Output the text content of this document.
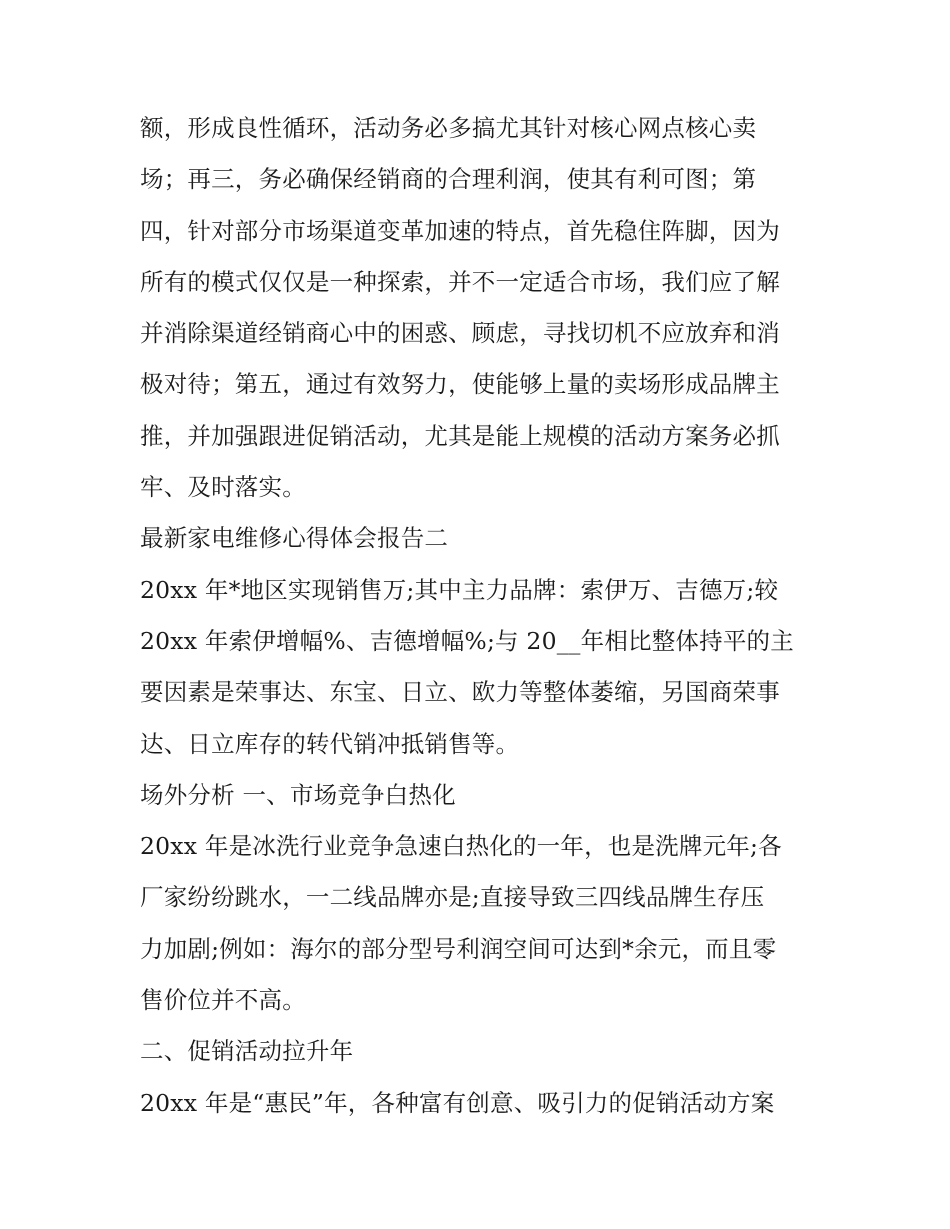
额，形成良性循环，活动务必多搞尤其针对核心网点核心卖
场；再三，务必确保经销商的合理利润，使其有利可图；第
四，针对部分市场渠道变革加速的特点，首先稳住阵脚，因为
所有的模式仅仅是一种探索，并不一定适合市场，我们应了解
并消除渠道经销商心中的困惑、顾虑，寻找切机不应放弃和消
极对待；第五，通过有效努力，使能够上量的卖场形成品牌主
推，并加强跟进促销活动，尤其是能上规模的活动方案务必抓
牢、及时落实。
最新家电维修心得体会报告二
20xx 年*地区实现销售万;其中主力品牌：索伊万、吉德万;较
20xx 年索伊增幅%、吉德增幅%;与 20__年相比整体持平的主
要因素是荣事达、东宝、日立、欧力等整体萎缩，另国商荣事
达、日立库存的转代销冲抵销售等。
场外分析 一、市场竞争白热化
20xx 年是冰洗行业竞争急速白热化的一年，也是洗牌元年;各
厂家纷纷跳水，一二线品牌亦是;直接导致三四线品牌生存压
力加剧;例如：海尔的部分型号利润空间可达到*余元，而且零
售价位并不高。
二、促销活动拉升年
20xx 年是“惠民”年，各种富有创意、吸引力的促销活动方案
